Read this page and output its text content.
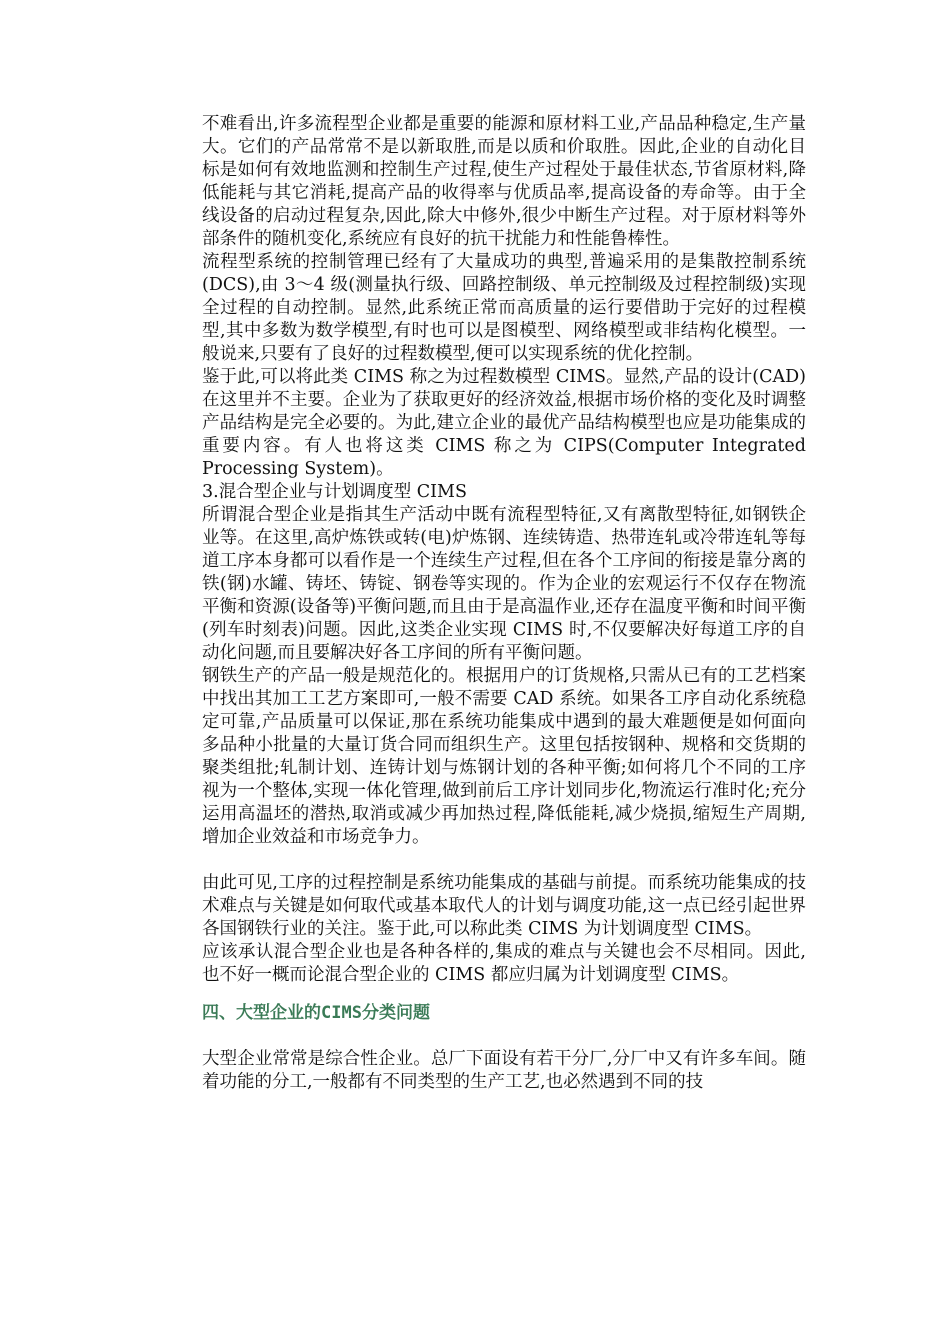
不难看出,许多流程型企业都是重要的能源和原材料工业,产品品种稳定,生产量大。它们的产品常常不是以新取胜,而是以质和价取胜。因此,企业的自动化目标是如何有效地监测和控制生产过程,使生产过程处于最佳状态,节省原材料,降低能耗与其它消耗,提高产品的收得率与优质品率,提高设备的寿命等。由于全线设备的启动过程复杂,因此,除大中修外,很少中断生产过程。对于原材料等外部条件的随机变化,系统应有良好的抗干扰能力和性能鲁棒性。

流程型系统的控制管理已经有了大量成功的典型,普遍采用的是集散控制系统(DCS),由 3～4 级(测量执行级、回路控制级、单元控制级及过程控制级)实现全过程的自动控制。显然,此系统正常而高质量的运行要借助于完好的过程模型,其中多数为数学模型,有时也可以是图模型、网络模型或非结构化模型。一般说来,只要有了良好的过程数模型,便可以实现系统的优化控制。

鉴于此,可以将此类 CIMS 称之为过程数模型 CIMS。显然,产品的设计(CAD)在这里并不主要。企业为了获取更好的经济效益,根据市场价格的变化及时调整产品结构是完全必要的。为此,建立企业的最优产品结构模型也应是功能集成的重要内容。有人也将这类 CIMS 称之为 CIPS(Computer Integrated Processing System)。

3.混合型企业与计划调度型 CIMS

所谓混合型企业是指其生产活动中既有流程型特征,又有离散型特征,如钢铁企业等。在这里,高炉炼铁或转(电)炉炼钢、连续铸造、热带连轧或冷带连轧等每道工序本身都可以看作是一个连续生产过程,但在各个工序间的衔接是靠分离的铁(钢)水罐、铸坯、铸锭、钢卷等实现的。作为企业的宏观运行不仅存在物流平衡和资源(设备等)平衡问题,而且由于是高温作业,还存在温度平衡和时间平衡(列车时刻表)问题。因此,这类企业实现 CIMS 时,不仅要解决好每道工序的自动化问题,而且要解决好各工序间的所有平衡问题。

钢铁生产的产品一般是规范化的。根据用户的订货规格,只需从已有的工艺档案中找出其加工工艺方案即可,一般不需要 CAD 系统。如果各工序自动化系统稳定可靠,产品质量可以保证,那在系统功能集成中遇到的最大难题便是如何面向多品种小批量的大量订货合同而组织生产。这里包括按钢种、规格和交货期的聚类组批;轧制计划、连铸计划与炼钢计划的各种平衡;如何将几个不同的工序视为一个整体,实现一体化管理,做到前后工序计划同步化,物流运行准时化;充分运用高温坯的潜热,取消或减少再加热过程,降低能耗,减少烧损,缩短生产周期,增加企业效益和市场竞争力。

由此可见,工序的过程控制是系统功能集成的基础与前提。而系统功能集成的技术难点与关键是如何取代或基本取代人的计划与调度功能,这一点已经引起世界各国钢铁行业的关注。鉴于此,可以称此类 CIMS 为计划调度型 CIMS。

应该承认混合型企业也是各种各样的,集成的难点与关键也会不尽相同。因此,也不好一概而论混合型企业的 CIMS 都应归属为计划调度型 CIMS。

四、大型企业的CIMS分类问题

大型企业常常是综合性企业。总厂下面设有若干分厂,分厂中又有许多车间。随着功能的分工,一般都有不同类型的生产工艺,也必然遇到不同的技
